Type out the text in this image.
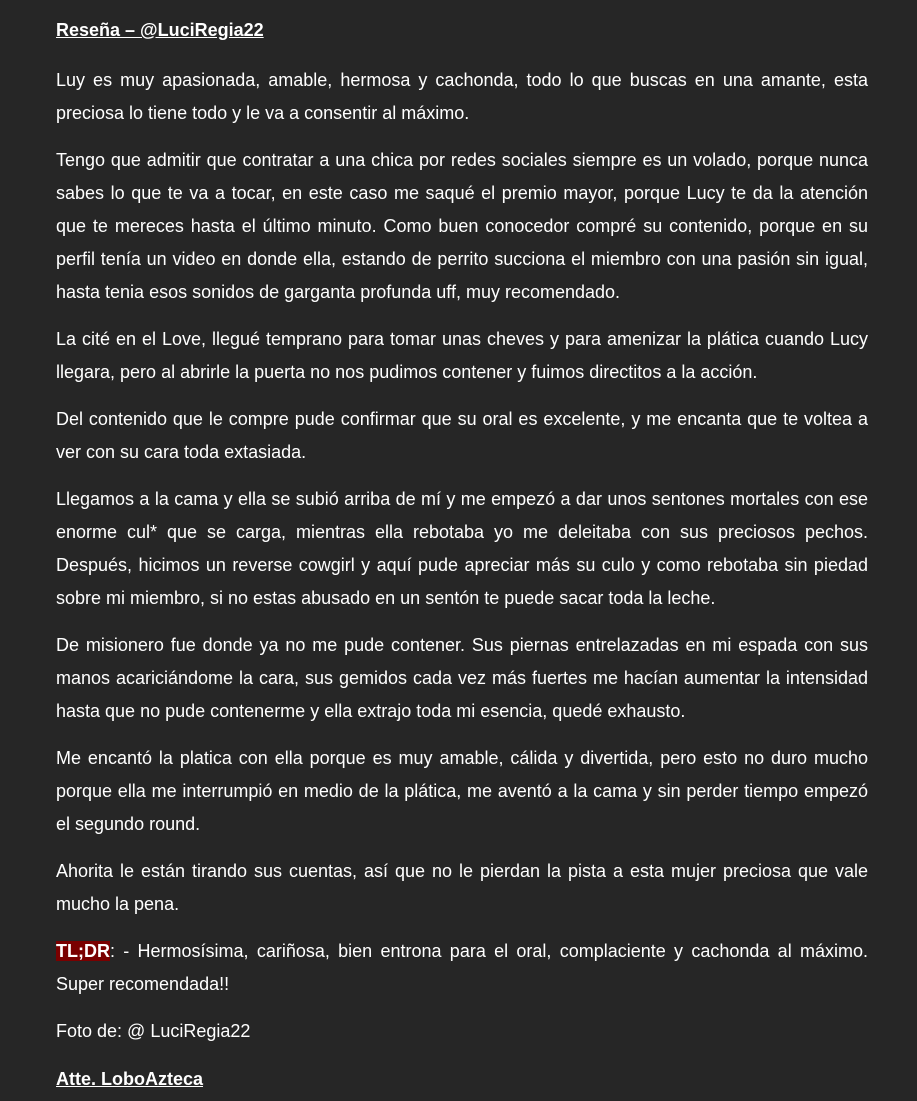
Reseña – @LuciRegia22

Luy es muy apasionada, amable, hermosa y cachonda, todo lo que buscas en una amante, esta preciosa lo tiene todo y le va a consentir al máximo.

Tengo que admitir que contratar a una chica por redes sociales siempre es un volado, porque nunca sabes lo que te va a tocar, en este caso me saqué el premio mayor, porque Lucy te da la atención que te mereces hasta el último minuto. Como buen conocedor compré su contenido, porque en su perfil tenía un video en donde ella, estando de perrito succiona el miembro con una pasión sin igual, hasta tenia esos sonidos de garganta profunda uff, muy recomendado.

La cité en el Love, llegué temprano para tomar unas cheves y para amenizar la plática cuando Lucy llegara, pero al abrirle la puerta no nos pudimos contener y fuimos directitos a la acción.

Del contenido que le compre pude confirmar que su oral es excelente, y me encanta que te voltea a ver con su cara toda extasiada.

Llegamos a la cama y ella se subió arriba de mí y me empezó a dar unos sentones mortales con ese enorme cul* que se carga, mientras ella rebotaba yo me deleitaba con sus preciosos pechos. Después, hicimos un reverse cowgirl y aquí pude apreciar más su culo y como rebotaba sin piedad sobre mi miembro, si no estas abusado en un sentón te puede sacar toda la leche.

De misionero fue donde ya no me pude contener. Sus piernas entrelazadas en mi espada con sus manos acariciándome la cara, sus gemidos cada vez más fuertes me hacían aumentar la intensidad hasta que no pude contenerme y ella extrajo toda mi esencia, quedé exhausto.

Me encantó la platica con ella porque es muy amable, cálida y divertida, pero esto no duro mucho porque ella me interrumpió en medio de la plática, me aventó a la cama y sin perder tiempo empezó el segundo round.

Ahorita le están tirando sus cuentas, así que no le pierdan la pista a esta mujer preciosa que vale mucho la pena.

TL;DR: - Hermosísima, cariñosa, bien entrona para el oral, complaciente y cachonda al máximo. Super recomendada!!

Foto de: @ LuciRegia22

Atte. LoboAzteca
